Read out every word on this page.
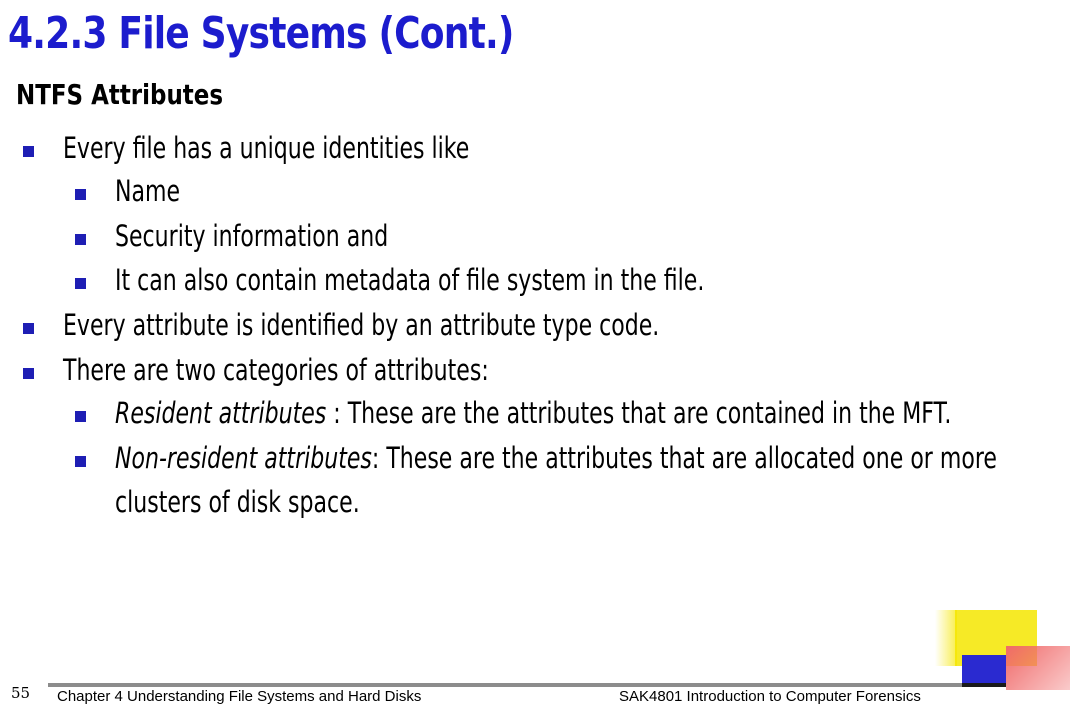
4.2.3 File Systems (Cont.)
NTFS Attributes
Every file has a unique identities like
Name
Security information and
It can also contain metadata of file system in the file.
Every attribute is identified by an attribute type code.
There are two categories of attributes:
Resident attributes : These are the attributes that are contained in the MFT.
Non-resident attributes: These are the attributes that are allocated one or more
clusters of disk space.
55 Chapter 4 Understanding File Systems and Hard Disks	SAK4801 Introduction to Computer Forensics
